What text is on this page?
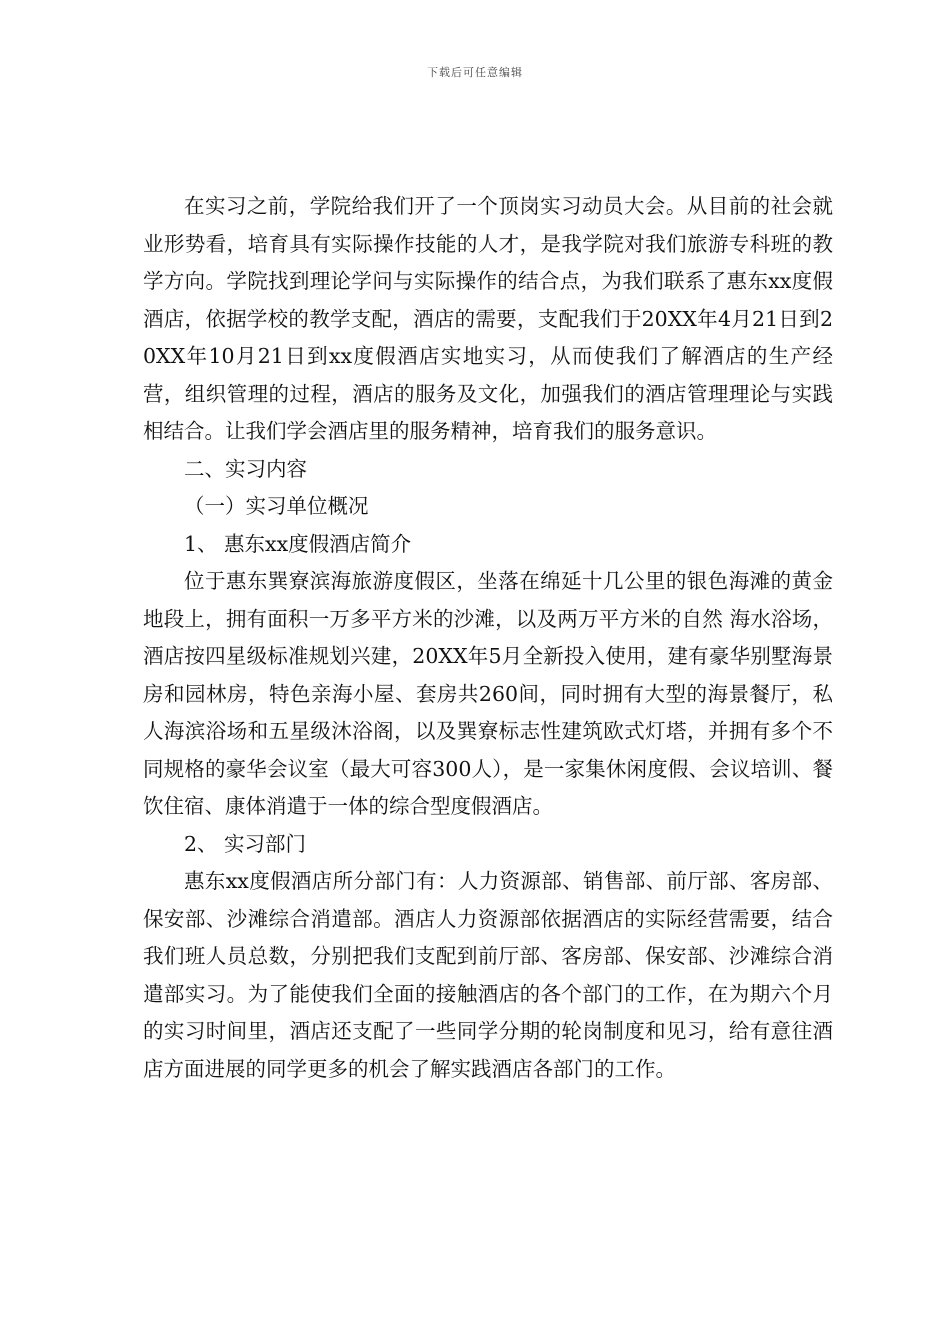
下载后可任意编辑

在实习之前，学院给我们开了一个顶岗实习动员大会。从目前的社会就业形势看，培育具有实际操作技能的人才，是我学院对我们旅游专科班的教学方向。学院找到理论学问与实际操作的结合点，为我们联系了惠东xx度假酒店，依据学校的教学支配，酒店的需要，支配我们于20XX年4月21日到20XX年10月21日到xx度假酒店实地实习，从而使我们了解酒店的生产经营，组织管理的过程，酒店的服务及文化，加强我们的酒店管理理论与实践相结合。让我们学会酒店里的服务精神，培育我们的服务意识。

二、实习内容

（一）实习单位概况

1、 惠东xx度假酒店简介

位于惠东巽寮滨海旅游度假区，坐落在绵延十几公里的银色海滩的黄金地段上，拥有面积一万多平方米的沙滩，以及两万平方米的自然 海水浴场，酒店按四星级标准规划兴建，20XX年5月全新投入使用，建有豪华别墅海景房和园林房，特色亲海小屋、套房共260间，同时拥有大型的海景餐厅，私人海滨浴场和五星级沐浴阁，以及巽寮标志性建筑欧式灯塔，并拥有多个不同规格的豪华会议室（最大可容300人），是一家集休闲度假、会议培训、餐饮住宿、康体消遣于一体的综合型度假酒店。

2、 实习部门

惠东xx度假酒店所分部门有：人力资源部、销售部、前厅部、客房部、保安部、沙滩综合消遣部。酒店人力资源部依据酒店的实际经营需要，结合我们班人员总数，分别把我们支配到前厅部、客房部、保安部、沙滩综合消遣部实习。为了能使我们全面的接触酒店的各个部门的工作，在为期六个月的实习时间里，酒店还支配了一些同学分期的轮岗制度和见习，给有意往酒店方面进展的同学更多的机会了解实践酒店各部门的工作。
